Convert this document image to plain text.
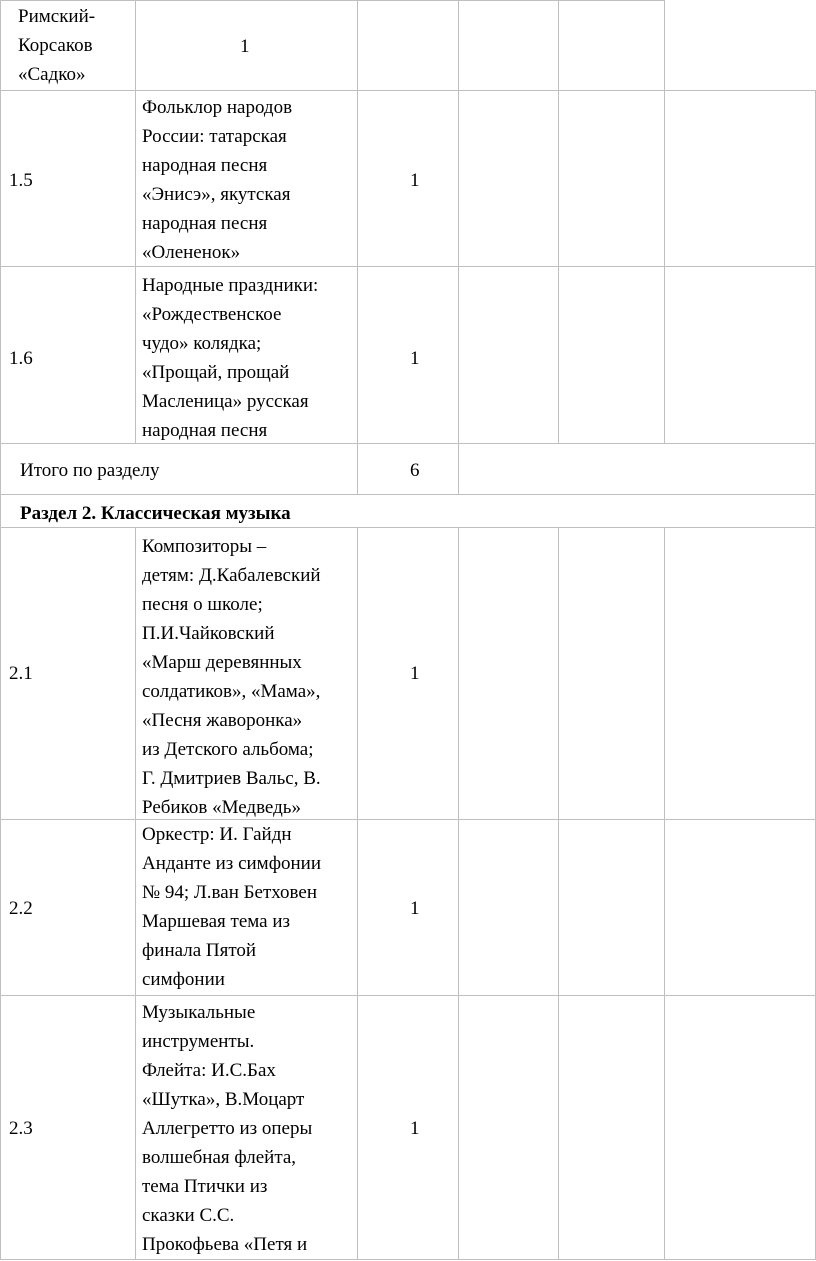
Римский-
Корсаков
«Садко»
1
1.5
Фольклор народов
России: татарская
народная песня
«Энисэ», якутская
народная песня
«Олененок»
1
1.6
Народные праздники:
«Рождественское
чудо» колядка;
«Прощай, прощай
Масленица» русская
народная песня
1
Итого по разделу	6
Раздел 2. Классическая музыка
2.1
Композиторы –
детям: Д.Кабалевский
песня о школе;
П.И.Чайковский
«Марш деревянных
солдатиков», «Мама»,
«Песня жаворонка»
из Детского альбома;
Г. Дмитриев Вальс, В.
Ребиков «Медведь»
1
2.2
Оркестр: И. Гайдн
Анданте из симфонии
№ 94; Л.ван Бетховен
Маршевая тема из
финала Пятой
симфонии
1
2.3
Музыкальные
инструменты.
Флейта: И.С.Бах
«Шутка», В.Моцарт
Аллегретто из оперы
волшебная флейта,
тема Птички из
сказки С.С.
Прокофьева «Петя и
1
